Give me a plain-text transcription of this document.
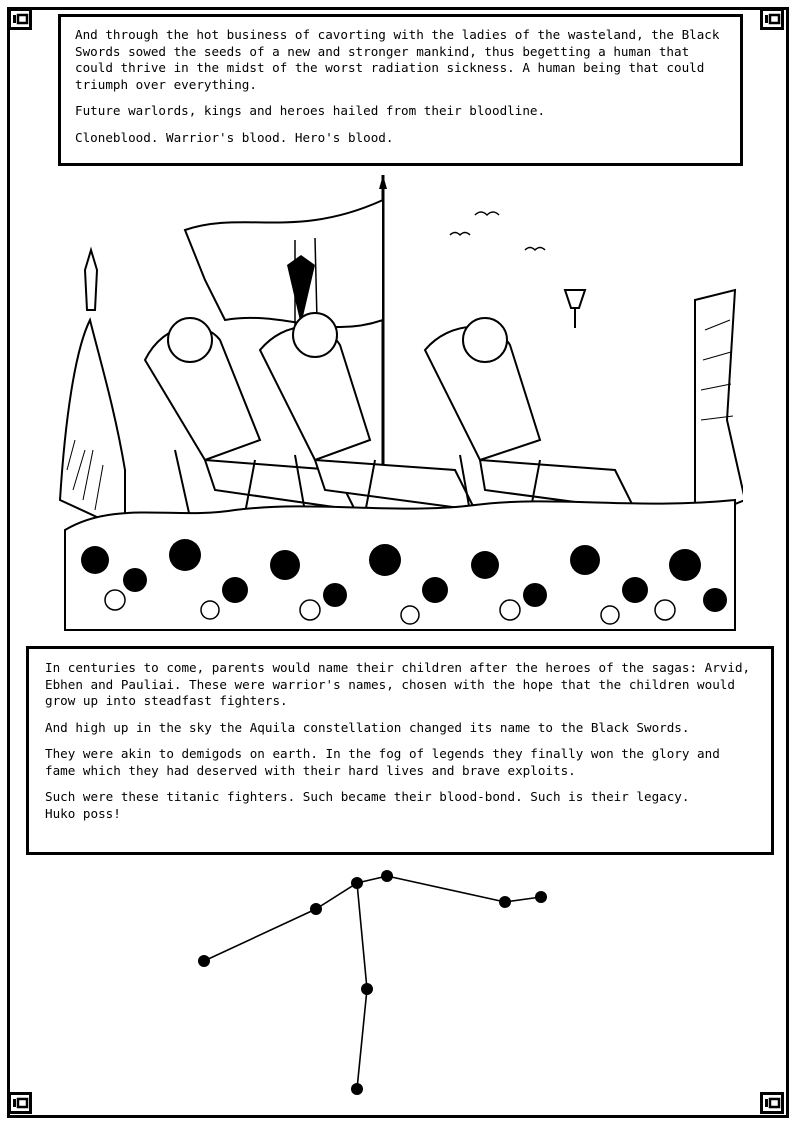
And through the hot business of cavorting with the ladies of the wasteland, the Black Swords sowed the seeds of a new and stronger mankind, thus begetting a human that could thrive in the midst of the worst radiation sickness. A human being that could triumph over everything.

Future warlords, kings and heroes hailed from their bloodline.

Cloneblood. Warrior's blood. Hero's blood.

In centuries to come, parents would name their children after the heroes of the sagas: Arvid, Ebhen and Pauliai. These were warrior's names, chosen with the hope that the children would grow up into steadfast fighters.

And high up in the sky the Aquila constellation changed its name to the Black Swords.

They were akin to demigods on earth. In the fog of legends they finally won the glory and fame which they had deserved with their hard lives and brave exploits.

Such were these titanic fighters. Such became their blood-bond. Such is their legacy.
Huko poss!
